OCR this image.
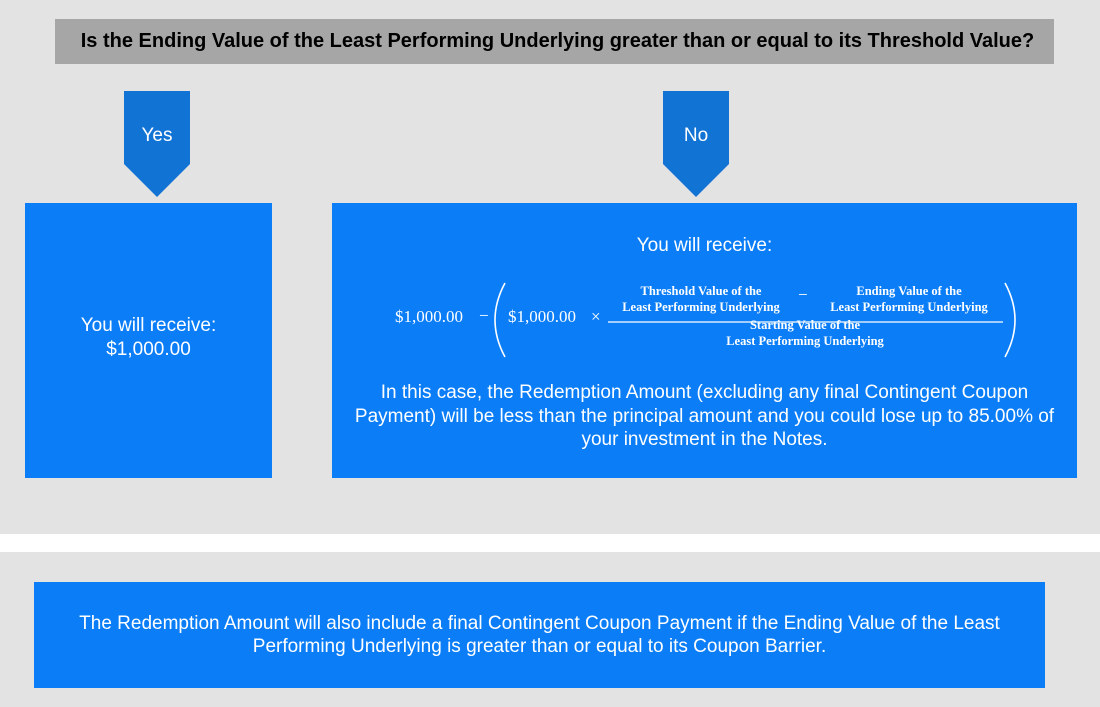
Is the Ending Value of the Least Performing Underlying greater than or equal to its Threshold Value?
Yes	No
You will receive:
$1,000.00
You will receive:
$1,000.00 − $1,000.00 ×
Threshold Value of the
Least Performing Underlying
−	Ending Value of the
Least Performing Underlying
Starting Value of the
Least Performing Underlying
In this case, the Redemption Amount (excluding any final Contingent Coupon Payment) will be less than the principal amount and you could lose up to 85.00% of your investment in the Notes.
The Redemption Amount will also include a final Contingent Coupon Payment if the Ending Value of the Least Performing Underlying is greater than or equal to its Coupon Barrier.
